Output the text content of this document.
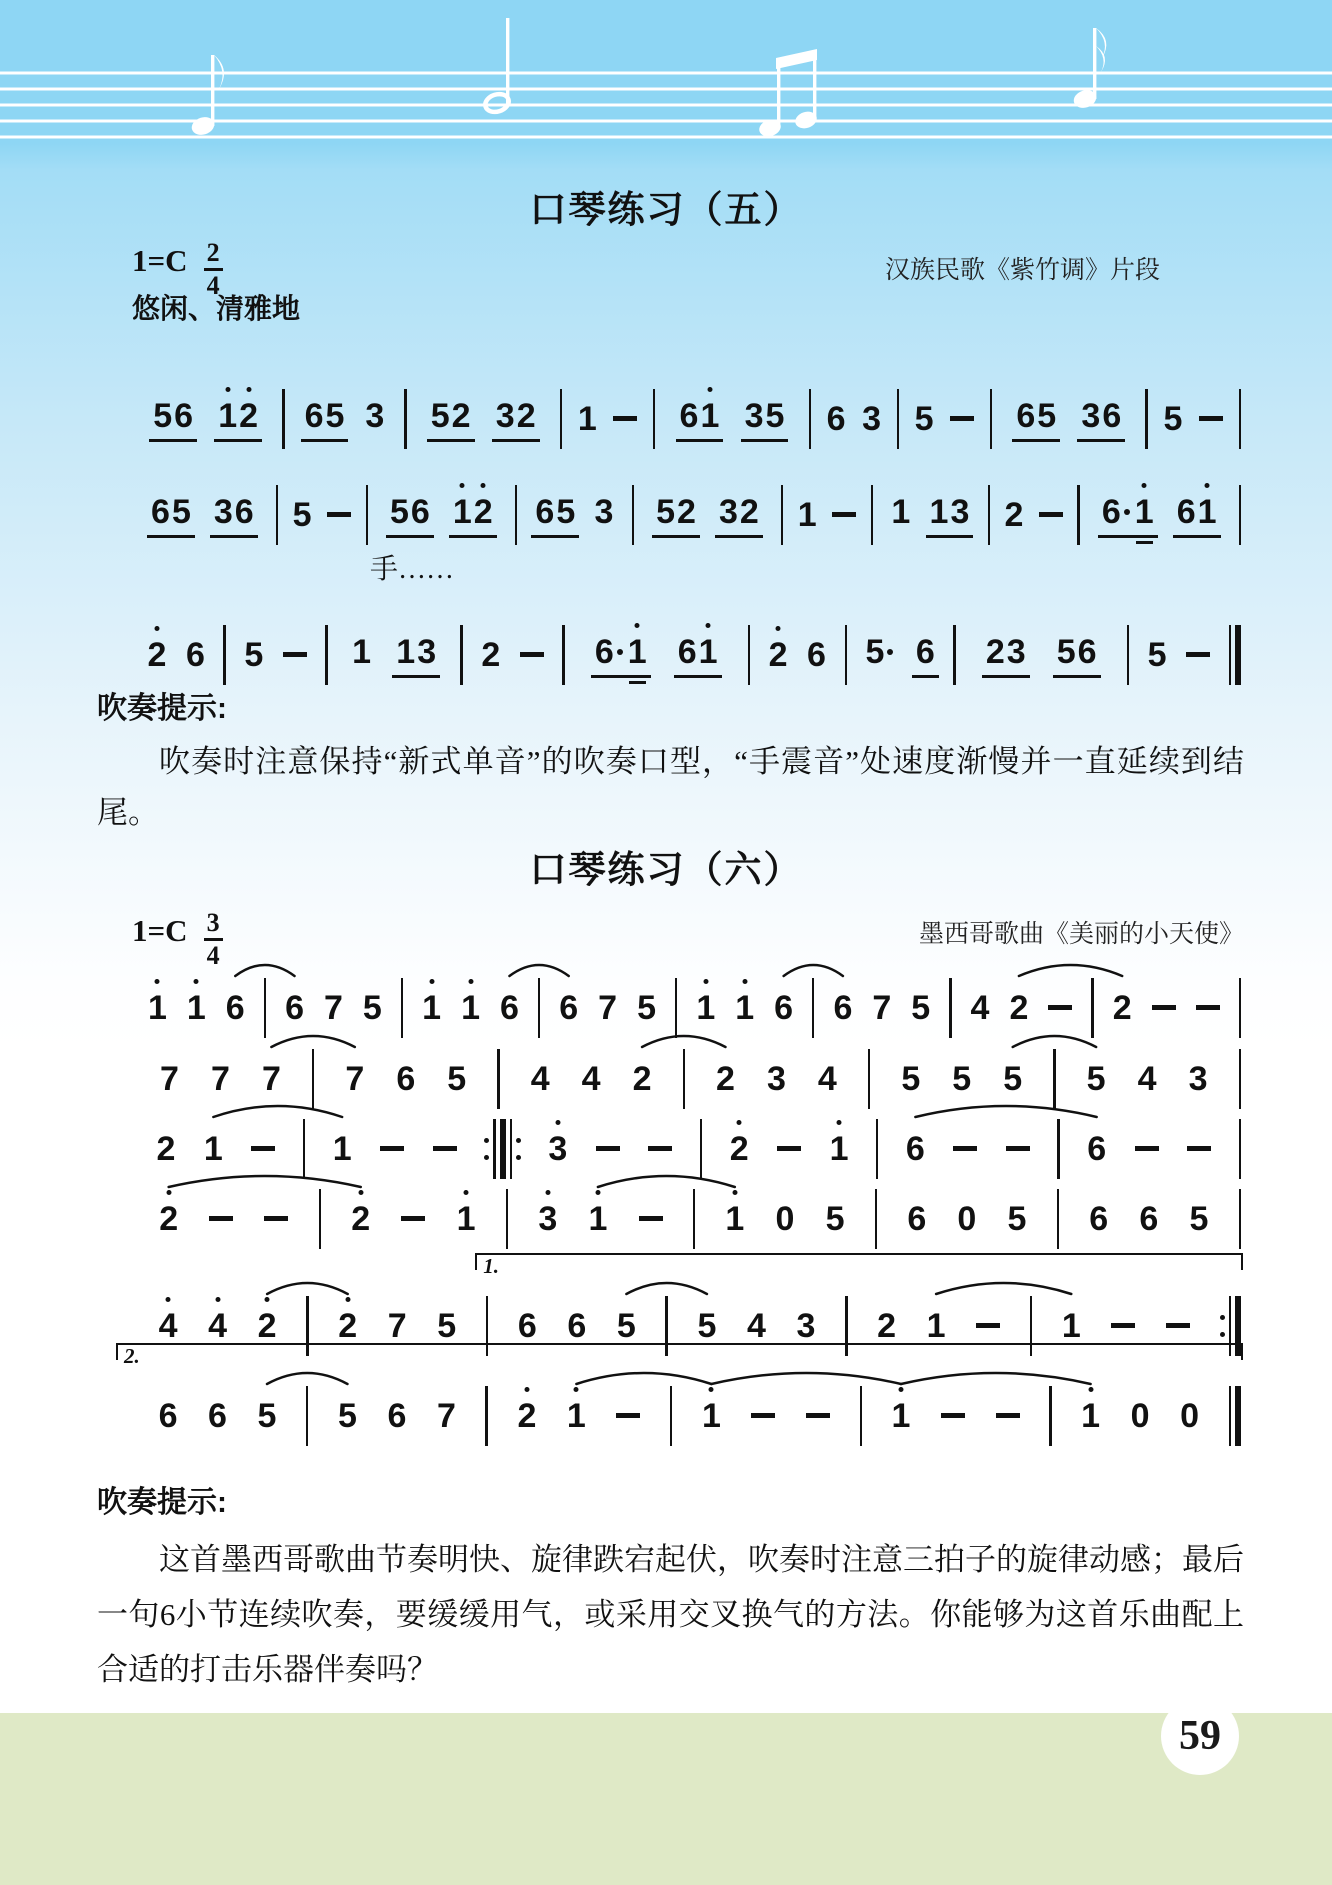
口琴练习（五）
$1=C \frac{2}{4}$	汉族民歌《紫竹调》片段
悠闲、清雅地
5 6 1 2 6 5 3 5 2 3 2 1 6 1 3 5 6 3 5 6 5 3 6 5
6 5 3 6 5 5 6 1 2 6 5 3 5 2 3 2 1 1 1 3 2 6 1 6 1
2 6 5	1 1 3 2	6 1 6 1 2 6 5 6 2 3 5 6 5
手……
吹奏提示:
吹奏时注意保持“新式单音”的吹奏口型，“手震音”处速度渐慢并一直延续到结尾。
口琴练习（六）
$1=C \frac{3}{4}$	墨西哥歌曲《美丽的小天使》
1 1 6 6 7 5 1 1 6 6 7 5 1 1 6 6 7 5 4 2 2
7 7 7 7 6 5 4 4 2 2 3 4 5 5 5 5 4 3
2 1	1	3	2 1 6	6
2	2	1 3 1	1 0 5 6 0 5 6 6 5
4 4 2 2 7 5 6 6 5 5 4 3 2 1	1
1.
6 6 5 5 6 7 2 1	1	1	1 0 0
2.
吹奏提示:
这首墨西哥歌曲节奏明快、旋律跌宕起伏，吹奏时注意三拍子的旋律动感；最后一句6小节连续吹奏，要缓缓用气，或采用交叉换气的方法。你能够为这首乐曲配上合适的打击乐器伴奏吗？
59
